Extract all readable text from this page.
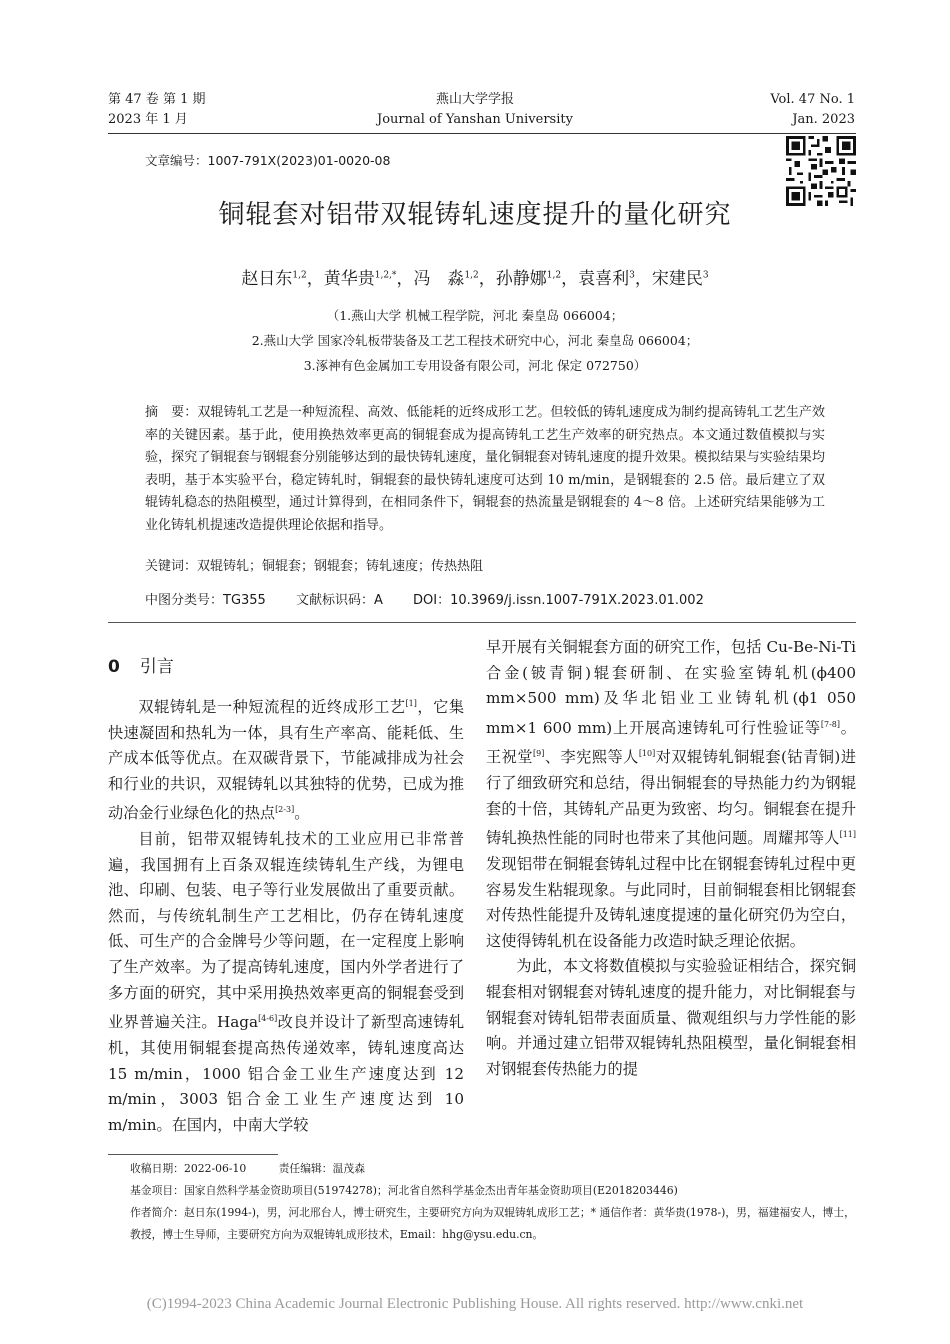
第 47 卷 第 1 期
2023 年 1 月
燕山大学学报
Journal of Yanshan University
Vol. 47 No. 1
Jan. 2023
文章编号：1007-791X(2023)01-0020-08
铜辊套对铝带双辊铸轧速度提升的量化研究
赵日东$^{1,2}$，黄华贵$^{1,2,*}$，冯　淼$^{1,2}$，孙静娜$^{1,2}$，袁喜利$^3$，宋建民$^3$
（1.燕山大学 机械工程学院，河北 秦皇岛 066004；
2.燕山大学 国家冷轧板带装备及工艺工程技术研究中心，河北 秦皇岛 066004；
3.涿神有色金属加工专用设备有限公司，河北 保定 072750）
摘　要：双辊铸轧工艺是一种短流程、高效、低能耗的近终成形工艺。但较低的铸轧速度成为制约提高铸轧工艺生产效率的关键因素。基于此，使用换热效率更高的铜辊套成为提高铸轧工艺生产效率的研究热点。本文通过数值模拟与实验，探究了铜辊套与钢辊套分别能够达到的最快铸轧速度，量化铜辊套对铸轧速度的提升效果。模拟结果与实验结果均表明，基于本实验平台，稳定铸轧时，铜辊套的最快铸轧速度可达到 10 m/min，是钢辊套的 2.5 倍。最后建立了双辊铸轧稳态的热阻模型，通过计算得到，在相同条件下，铜辊套的热流量是钢辊套的 4～8 倍。上述研究结果能够为工业化铸轧机提速改造提供理论依据和指导。
关键词：双辊铸轧；铜辊套；钢辊套；铸轧速度；传热热阻
中图分类号：TG355 文献标识码：A DOI：10.3969/j.issn.1007-791X.2023.01.002
0 引言

双辊铸轧是一种短流程的近终成形工艺[1]，它集快速凝固和热轧为一体，具有生产率高、能耗低、生产成本低等优点。在双碳背景下，节能减排成为社会和行业的共识，双辊铸轧以其独特的优势，已成为推动冶金行业绿色化的热点[2-3]。

目前，铝带双辊铸轧技术的工业应用已非常普遍，我国拥有上百条双辊连续铸轧生产线，为锂电池、印刷、包装、电子等行业发展做出了重要贡献。然而，与传统轧制生产工艺相比，仍存在铸轧速度低、可生产的合金牌号少等问题，在一定程度上影响了生产效率。为了提高铸轧速度，国内外学者进行了多方面的研究，其中采用换热效率更高的铜辊套受到业界普遍关注。Haga[4-6]改良并设计了新型高速铸轧机，其使用铜辊套提高热传递效率，铸轧速度高达 15 m/min，1000 铝合金工业生产速度达到 12 m/min，3003 铝合金工业生产速度达到 10 m/min。在国内，中南大学较

早开展有关铜辊套方面的研究工作，包括 Cu-Be-Ni-Ti 合金(铍青铜)辊套研制、在实验室铸轧机(ϕ400 mm×500 mm)及华北铝业工业铸轧机(ϕ1 050 mm×1 600 mm)上开展高速铸轧可行性验证等[7-8]。王祝堂[9]、李宪熙等人[10]对双辊铸轧铜辊套(钴青铜)进行了细致研究和总结，得出铜辊套的导热能力约为钢辊套的十倍，其铸轧产品更为致密、均匀。铜辊套在提升铸轧换热性能的同时也带来了其他问题。周耀邦等人[11]发现铝带在铜辊套铸轧过程中比在钢辊套铸轧过程中更容易发生粘辊现象。与此同时，目前铜辊套相比钢辊套对传热性能提升及铸轧速度提速的量化研究仍为空白，这使得铸轧机在设备能力改造时缺乏理论依据。

为此，本文将数值模拟与实验验证相结合，探究铜辊套相对钢辊套对铸轧速度的提升能力，对比铜辊套与钢辊套对铸轧铝带表面质量、微观组织与力学性能的影响。并通过建立铝带双辊铸轧热阻模型，量化铜辊套相对钢辊套传热能力的提

收稿日期：2022-06-10　　　责任编辑：温茂森

基金项目：国家自然科学基金资助项目(51974278)；河北省自然科学基金杰出青年基金资助项目(E2018203446)

作者简介：赵日东(1994-)，男，河北邢台人，博士研究生，主要研究方向为双辊铸轧成形工艺；* 通信作者：黄华贵(1978-)，男，福建福安人，博士，教授，博士生导师，主要研究方向为双辊铸轧成形技术，Email：hhg@ysu.edu.cn。

(C)1994-2023 China Academic Journal Electronic Publishing House. All rights reserved. http://www.cnki.net
